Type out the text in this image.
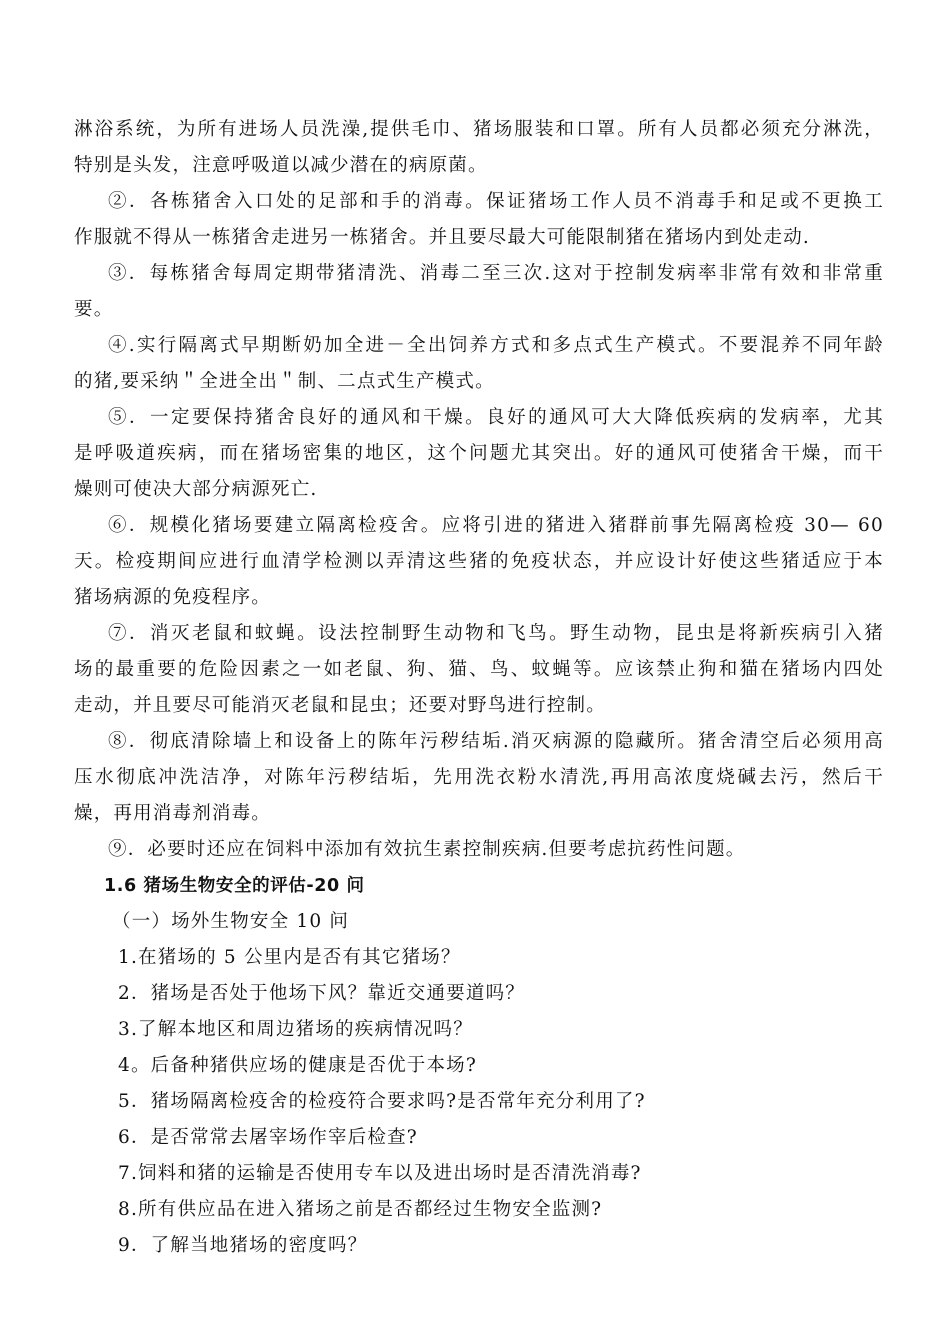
淋浴系统，为所有进场人员洗澡,提供毛巾、猪场服装和口罩。所有人员都必须充分淋洗，
特别是头发，注意呼吸道以减少潜在的病原菌。
②．各栋猪舍入口处的足部和手的消毒。保证猪场工作人员不消毒手和足或不更换工
作服就不得从一栋猪舍走进另一栋猪舍。并且要尽最大可能限制猪在猪场内到处走动.
③．每栋猪舍每周定期带猪清洗、消毒二至三次.这对于控制发病率非常有效和非常重
要。
④.实行隔离式早期断奶加全进－全出饲养方式和多点式生产模式。不要混养不同年龄
的猪,要采纳＂全进全出＂制、二点式生产模式。
⑤．一定要保持猪舍良好的通风和干燥。良好的通风可大大降低疾病的发病率，尤其
是呼吸道疾病，而在猪场密集的地区，这个问题尤其突出。好的通风可使猪舍干燥，而干
燥则可使决大部分病源死亡.
⑥．规模化猪场要建立隔离检疫舍。应将引进的猪进入猪群前事先隔离检疫 30— 60
天。检疫期间应进行血清学检测以弄清这些猪的免疫状态，并应设计好使这些猪适应于本
猪场病源的免疫程序。
⑦．消灭老鼠和蚊蝇。设法控制野生动物和飞鸟。野生动物，昆虫是将新疾病引入猪
场的最重要的危险因素之一如老鼠、狗、猫、鸟、蚊蝇等。应该禁止狗和猫在猪场内四处
走动，并且要尽可能消灭老鼠和昆虫；还要对野鸟进行控制。
⑧．彻底清除墙上和设备上的陈年污秽结垢.消灭病源的隐藏所。猪舍清空后必须用高
压水彻底冲洗洁净，对陈年污秽结垢，先用洗衣粉水清洗,再用高浓度烧碱去污，然后干
燥，再用消毒剂消毒。
⑨．必要时还应在饲料中添加有效抗生素控制疾病.但要考虑抗药性问题。
1.6 猪场生物安全的评估-20 问
（一）场外生物安全 10 问
1.在猪场的 5 公里内是否有其它猪场？
2．猪场是否处于他场下风？靠近交通要道吗？
3.了解本地区和周边猪场的疾病情况吗？
4。后备种猪供应场的健康是否优于本场?
5．猪场隔离检疫舍的检疫符合要求吗?是否常年充分利用了?
6．是否常常去屠宰场作宰后检查?
7.饲料和猪的运输是否使用专车以及进出场时是否清洗消毒?
8.所有供应品在进入猪场之前是否都经过生物安全监测?
9．了解当地猪场的密度吗？
